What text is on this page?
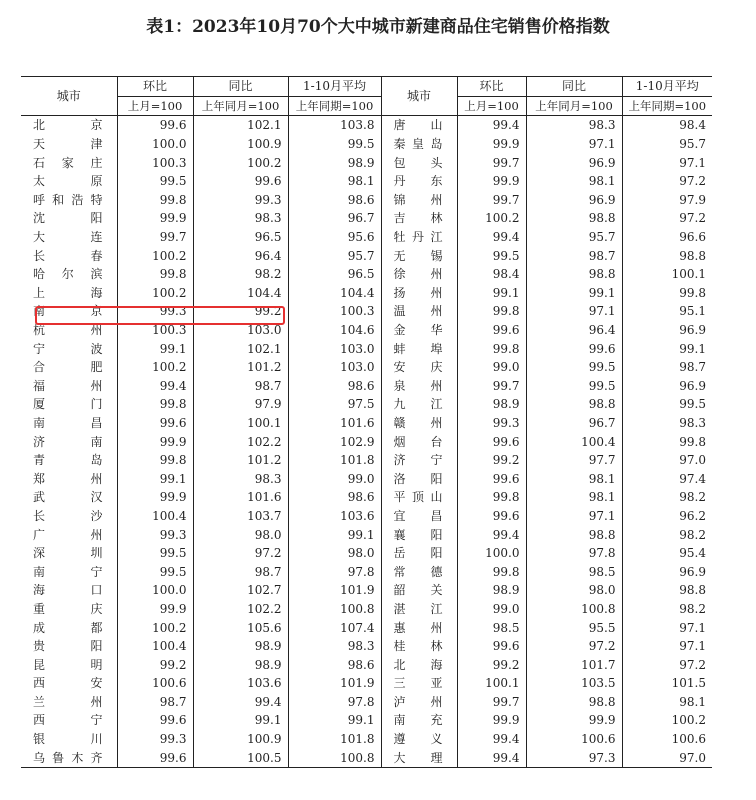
表1：2023年10月70个大中城市新建商品住宅销售价格指数
城市	环比	同比	1-10月平均	城市	环比	同比	1-10月平均
	上月=100	上年同月=100	上年同期=100		上月=100	上年同月=100	上年同期=100
北　京	99.6	102.1	103.8	唐　山	99.4	98.3	98.4
天　津	100.0	100.9	99.5	秦皇岛	99.9	97.1	95.7
石家庄	100.3	100.2	98.9	包　头	99.7	96.9	97.1
太　原	99.5	99.6	98.1	丹　东	99.9	98.1	97.2
呼和浩特	99.8	99.3	98.6	锦　州	99.7	96.9	97.9
沈　阳	99.9	98.3	96.7	吉　林	100.2	98.8	97.2
大　连	99.7	96.5	95.6	牡丹江	99.4	95.7	96.6
长　春	100.2	96.4	95.7	无　锡	99.5	98.7	98.8
哈尔滨	99.8	98.2	96.5	徐　州	98.4	98.8	100.1
上　海	100.2	104.4	104.4	扬　州	99.1	99.1	99.8
南　京	99.3	99.2	100.3	温　州	99.8	97.1	95.1
杭　州	100.3	103.0	104.6	金　华	99.6	96.4	96.9
宁　波	99.1	102.1	103.0	蚌　埠	99.8	99.6	99.1
合　肥	100.2	101.2	103.0	安　庆	99.0	99.5	98.7
福　州	99.4	98.7	98.6	泉　州	99.7	99.5	96.9
厦　门	99.8	97.9	97.5	九　江	98.9	98.8	99.5
南　昌	99.6	100.1	101.6	赣　州	99.3	96.7	98.3
济　南	99.9	102.2	102.9	烟　台	99.6	100.4	99.8
青　岛	99.8	101.2	101.8	济　宁	99.2	97.7	97.0
郑　州	99.1	98.3	99.0	洛　阳	99.6	98.1	97.4
武　汉	99.9	101.6	98.6	平顶山	99.8	98.1	98.2
长　沙	100.4	103.7	103.6	宜　昌	99.6	97.1	96.2
广　州	99.3	98.0	99.1	襄　阳	99.4	98.8	98.2
深　圳	99.5	97.2	98.0	岳　阳	100.0	97.8	95.4
南　宁	99.5	98.7	97.8	常　德	99.8	98.5	96.9
海　口	100.0	102.7	101.9	韶　关	98.9	98.0	98.8
重　庆	99.9	102.2	100.8	湛　江	99.0	100.8	98.2
成　都	100.2	105.6	107.4	惠　州	98.5	95.5	97.1
贵　阳	100.4	98.9	98.3	桂　林	99.6	97.2	97.1
昆　明	99.2	98.9	98.6	北　海	99.2	101.7	97.2
西　安	100.6	103.6	101.9	三　亚	100.1	103.5	101.5
兰　州	98.7	99.4	97.8	泸　州	99.7	98.8	98.1
西　宁	99.6	99.1	99.1	南　充	99.9	99.9	100.2
银　川	99.3	100.9	101.8	遵　义	99.4	100.6	100.6
乌鲁木齐	99.6	100.5	100.8	大　理	99.4	97.3	97.0
